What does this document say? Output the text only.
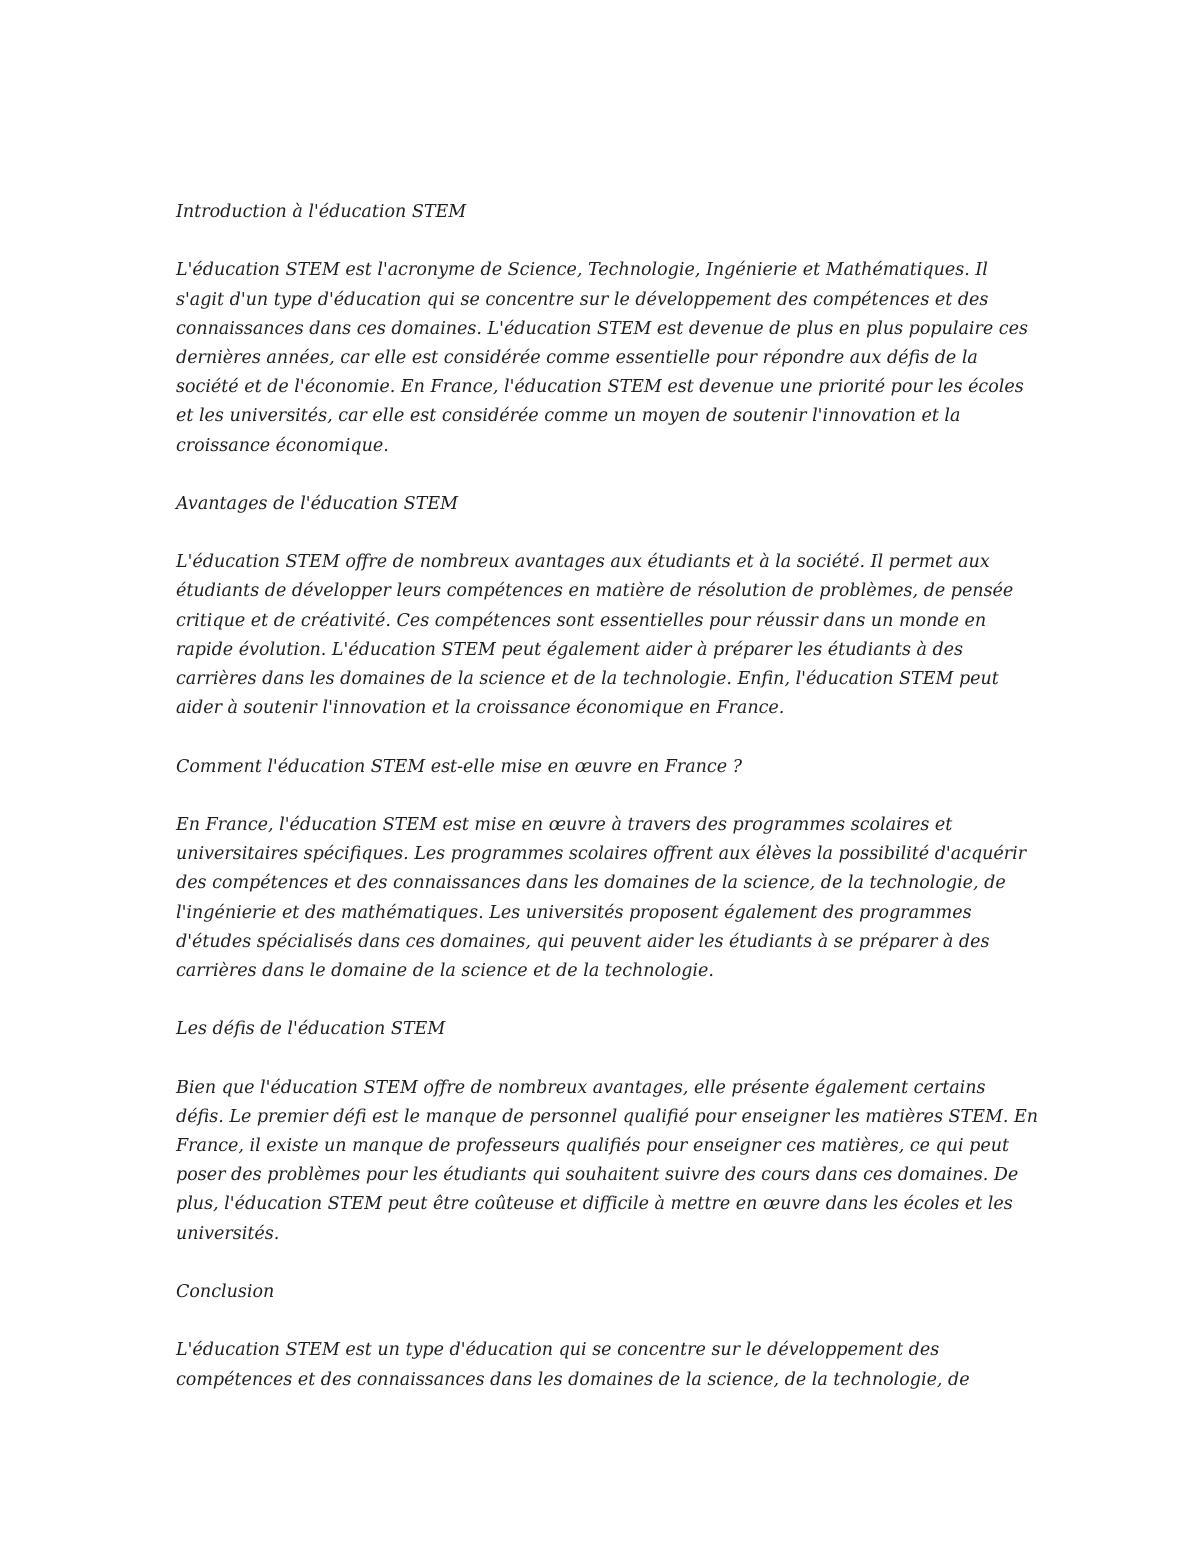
Introduction à l'éducation STEM
L'éducation STEM est l'acronyme de Science, Technologie, Ingénierie et Mathématiques. Il
s'agit d'un type d'éducation qui se concentre sur le développement des compétences et des
connaissances dans ces domaines. L'éducation STEM est devenue de plus en plus populaire ces
dernières années, car elle est considérée comme essentielle pour répondre aux défis de la
société et de l'économie. En France, l'éducation STEM est devenue une priorité pour les écoles
et les universités, car elle est considérée comme un moyen de soutenir l'innovation et la
croissance économique.
Avantages de l'éducation STEM
L'éducation STEM offre de nombreux avantages aux étudiants et à la société. Il permet aux
étudiants de développer leurs compétences en matière de résolution de problèmes, de pensée
critique et de créativité. Ces compétences sont essentielles pour réussir dans un monde en
rapide évolution. L'éducation STEM peut également aider à préparer les étudiants à des
carrières dans les domaines de la science et de la technologie. Enfin, l'éducation STEM peut
aider à soutenir l'innovation et la croissance économique en France.
Comment l'éducation STEM est-elle mise en œuvre en France ?
En France, l'éducation STEM est mise en œuvre à travers des programmes scolaires et
universitaires spécifiques. Les programmes scolaires offrent aux élèves la possibilité d'acquérir
des compétences et des connaissances dans les domaines de la science, de la technologie, de
l'ingénierie et des mathématiques. Les universités proposent également des programmes
d'études spécialisés dans ces domaines, qui peuvent aider les étudiants à se préparer à des
carrières dans le domaine de la science et de la technologie.
Les défis de l'éducation STEM
Bien que l'éducation STEM offre de nombreux avantages, elle présente également certains
défis. Le premier défi est le manque de personnel qualifié pour enseigner les matières STEM. En
France, il existe un manque de professeurs qualifiés pour enseigner ces matières, ce qui peut
poser des problèmes pour les étudiants qui souhaitent suivre des cours dans ces domaines. De
plus, l'éducation STEM peut être coûteuse et difficile à mettre en œuvre dans les écoles et les
universités.
Conclusion
L'éducation STEM est un type d'éducation qui se concentre sur le développement des
compétences et des connaissances dans les domaines de la science, de la technologie, de
